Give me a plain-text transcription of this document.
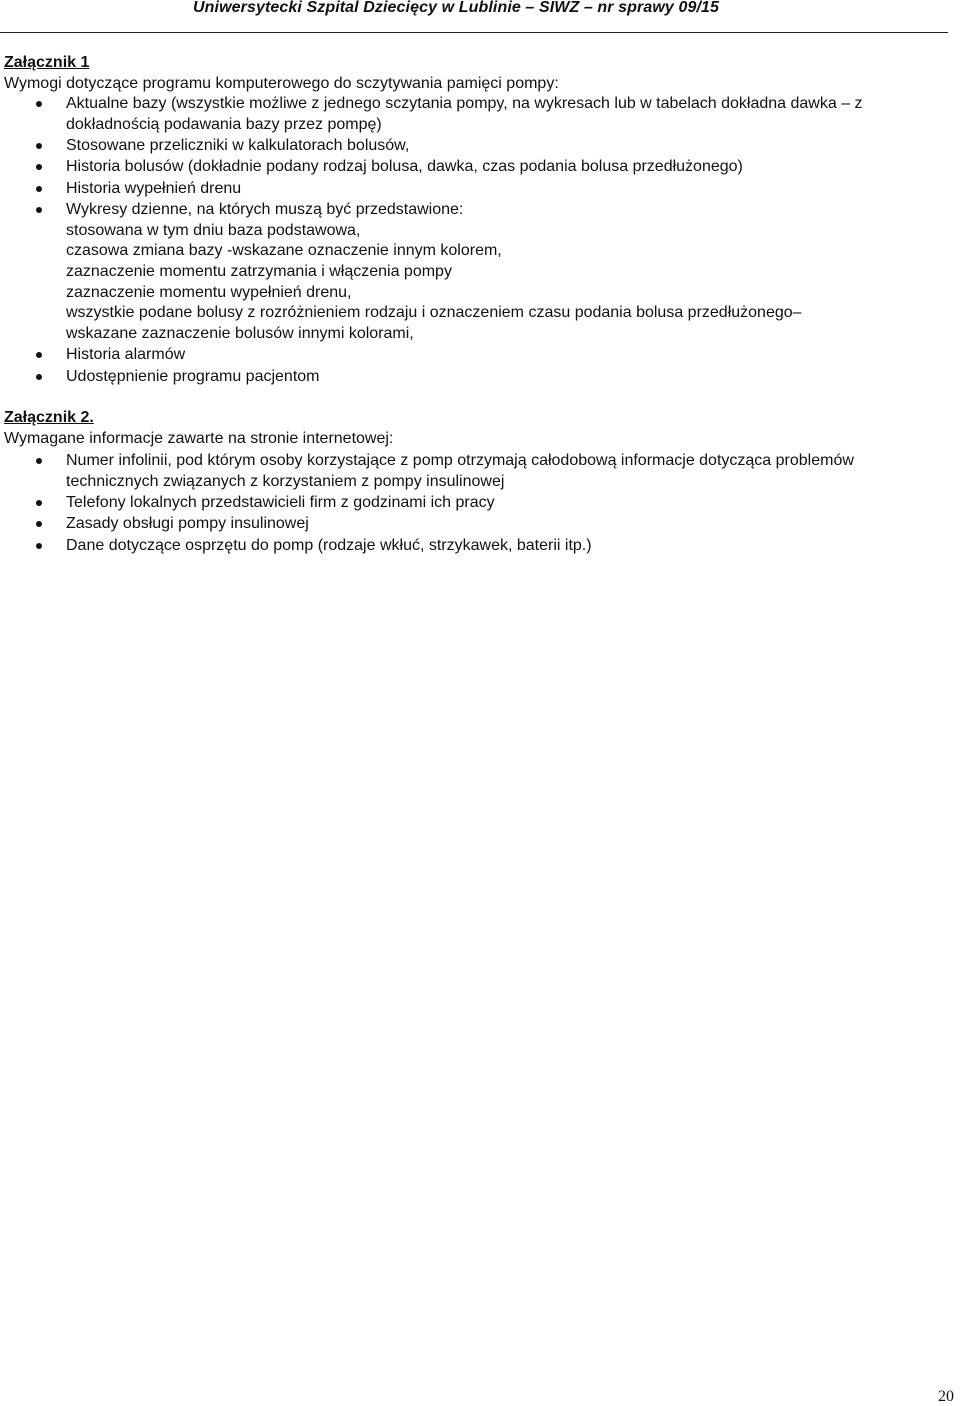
Uniwersytecki Szpital Dziecięcy w Lublinie – SIWZ – nr sprawy 09/15
Załącznik 1
Wymogi dotyczące programu komputerowego do sczytywania pamięci pompy:
Aktualne bazy (wszystkie możliwe z jednego sczytania pompy, na wykresach lub w tabelach dokładna dawka – z
dokładnością podawania bazy przez pompę)
Stosowane przeliczniki w kalkulatorach bolusów,
Historia bolusów (dokładnie podany rodzaj bolusa, dawka, czas podania bolusa przedłużonego)
Historia wypełnień drenu
Wykresy dzienne, na których muszą być przedstawione:
stosowana w tym dniu baza podstawowa,
czasowa zmiana bazy -wskazane oznaczenie innym kolorem,
zaznaczenie momentu zatrzymania i włączenia pompy
zaznaczenie momentu wypełnień drenu,
wszystkie podane bolusy z rozróżnieniem rodzaju i oznaczeniem czasu podania bolusa przedłużonego–
wskazane zaznaczenie bolusów innymi kolorami,
Historia alarmów
Udostępnienie programu pacjentom
Załącznik 2.
Wymagane informacje zawarte na stronie internetowej:
Numer infolinii, pod którym osoby korzystające z pomp otrzymają całodobową informacje dotycząca problemów
technicznych związanych z korzystaniem z pompy insulinowej
Telefony lokalnych przedstawicieli firm z godzinami ich pracy
Zasady obsługi pompy insulinowej
Dane dotyczące osprzętu do pomp (rodzaje wkłuć, strzykawek, baterii itp.)
20
